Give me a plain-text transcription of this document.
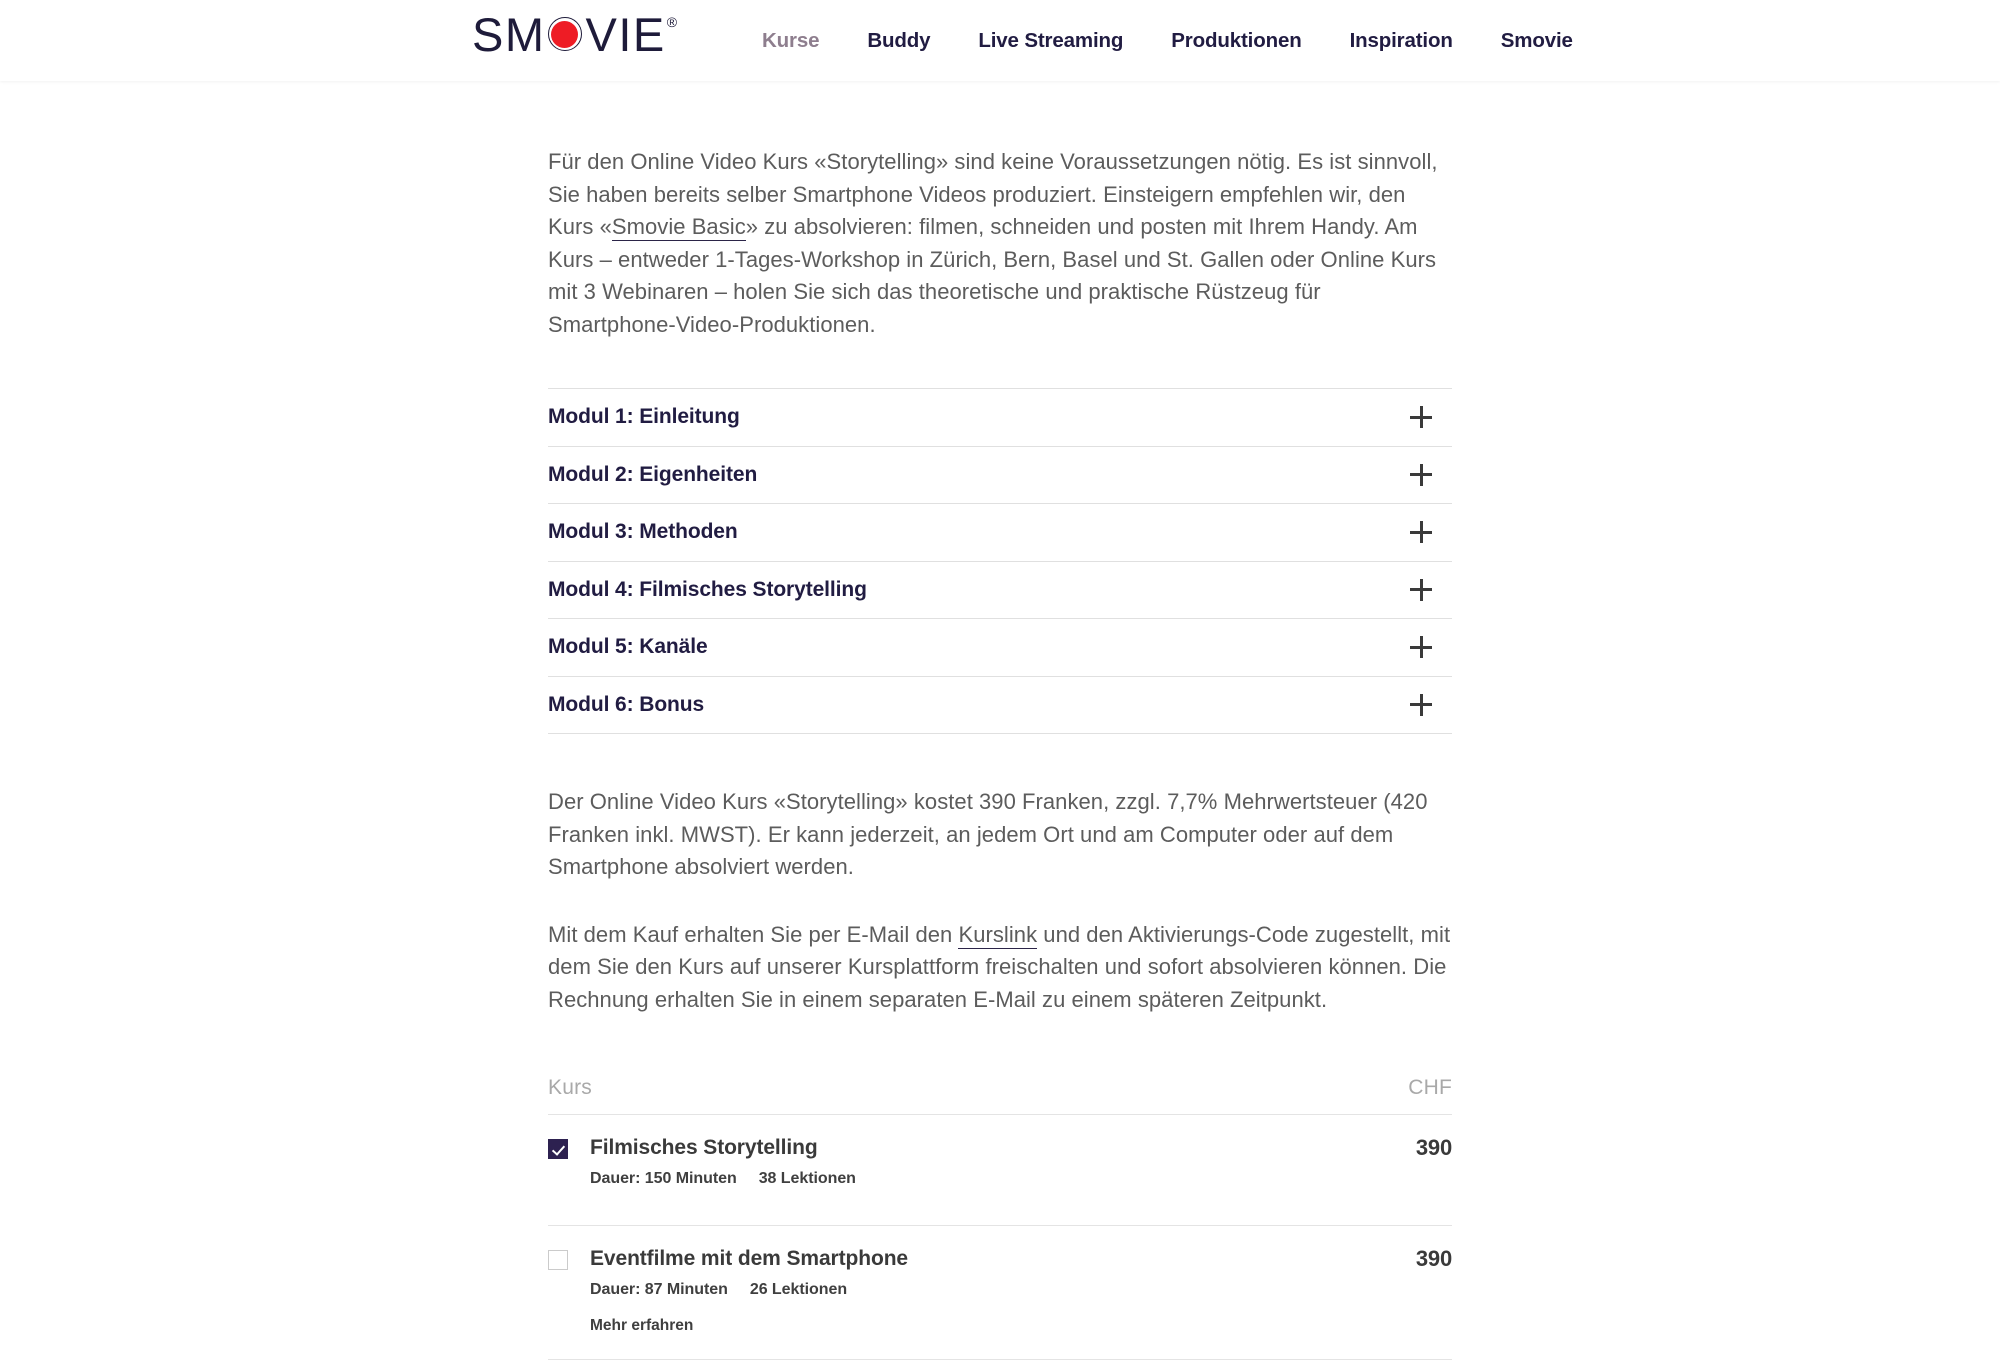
SM VIE ®
Kurse Buddy Live Streaming Produktionen Inspiration Smovie

Für den Online Video Kurs «Storytelling» sind keine Voraussetzungen nötig. Es ist sinnvoll, Sie haben bereits selber Smartphone Videos produziert. Einsteigern empfehlen wir, den Kurs «Smovie Basic» zu absolvieren: filmen, schneiden und posten mit Ihrem Handy. Am Kurs – entweder 1-Tages-Workshop in Zürich, Bern, Basel und St. Gallen oder Online Kurs mit 3 Webinaren – holen Sie sich das theoretische und praktische Rüstzeug für Smartphone-Video-Produktionen.

Modul 1: Einleitung
Modul 2: Eigenheiten
Modul 3: Methoden
Modul 4: Filmisches Storytelling
Modul 5: Kanäle
Modul 6: Bonus

Der Online Video Kurs «Storytelling» kostet 390 Franken, zzgl. 7,7% Mehrwertsteuer (420 Franken inkl. MWST). Er kann jederzeit, an jedem Ort und am Computer oder auf dem Smartphone absolviert werden.

Mit dem Kauf erhalten Sie per E-Mail den Kurslink und den Aktivierungs-Code zugestellt, mit dem Sie den Kurs auf unserer Kursplattform freischalten und sofort absolvieren können. Die Rechnung erhalten Sie in einem separaten E-Mail zu einem späteren Zeitpunkt.

Kurs	CHF
Filmisches Storytelling
Dauer: 150 Minuten 38 Lektionen
390
Eventfilme mit dem Smartphone
Dauer: 87 Minuten 26 Lektionen
Mehr erfahren
390
